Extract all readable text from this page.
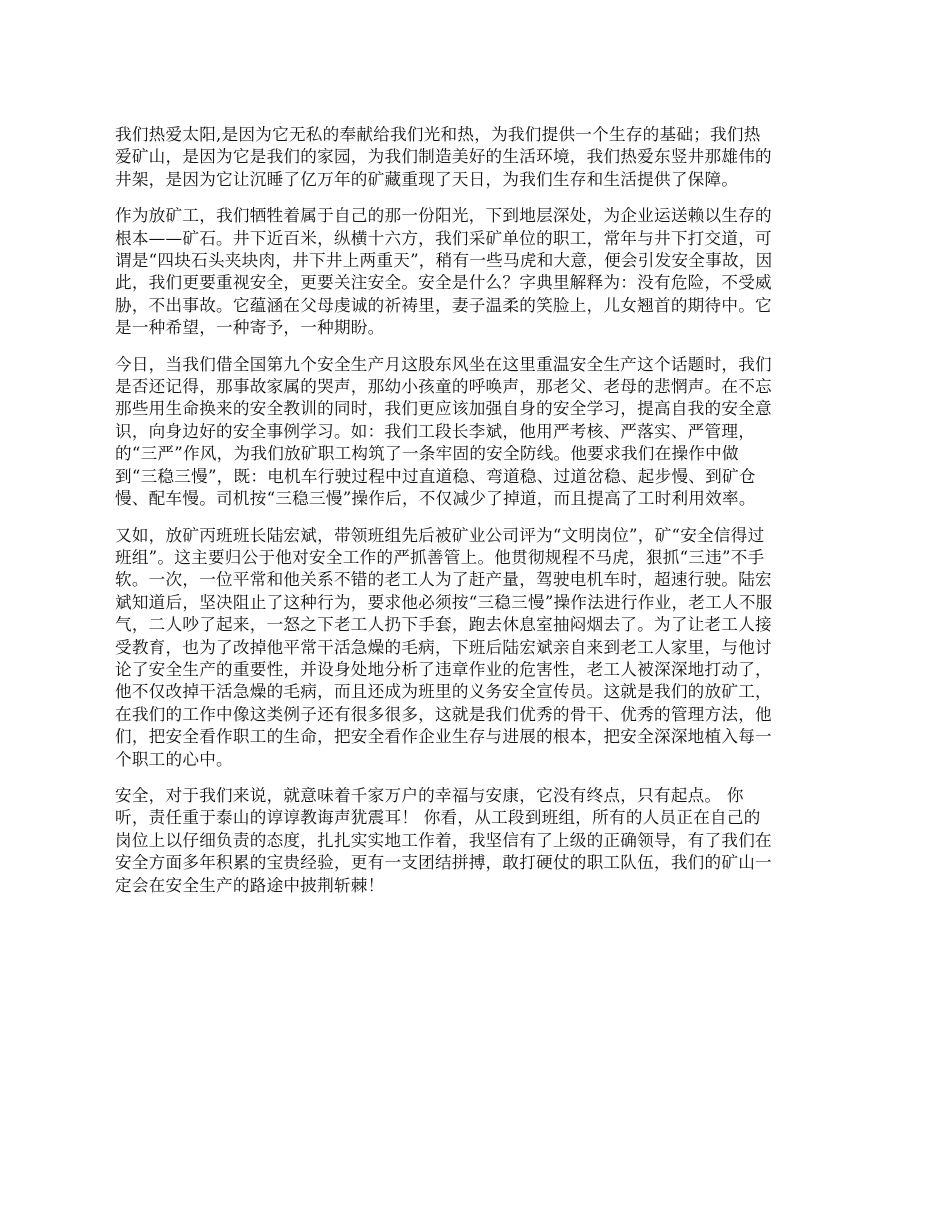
我们热爱太阳,是因为它无私的奉献给我们光和热，为我们提供一个生存的基础；我们热
爱矿山，是因为它是我们的家园，为我们制造美好的生活环境，我们热爱东竖井那雄伟的
井架，是因为它让沉睡了亿万年的矿藏重现了天日，为我们生存和生活提供了保障。

作为放矿工，我们牺牲着属于自己的那一份阳光，下到地层深处，为企业运送赖以生存的
根本——矿石。井下近百米，纵横十六方，我们采矿单位的职工，常年与井下打交道，可
谓是“四块石头夹块肉，井下井上两重天”，稍有一些马虎和大意，便会引发安全事故，因
此，我们更要重视安全，更要关注安全。安全是什么？字典里解释为：没有危险，不受威
胁，不出事故。它蕴涵在父母虔诚的祈祷里，妻子温柔的笑脸上，儿女翘首的期待中。它
是一种希望，一种寄予，一种期盼。

今日，当我们借全国第九个安全生产月这股东风坐在这里重温安全生产这个话题时，我们
是否还记得，那事故家属的哭声，那幼小孩童的呼唤声，那老父、老母的悲惘声。在不忘
那些用生命换来的安全教训的同时，我们更应该加强自身的安全学习，提高自我的安全意
识，向身边好的安全事例学习。如：我们工段长李斌，他用严考核、严落实、严管理，
的“三严”作风，为我们放矿职工构筑了一条牢固的安全防线。他要求我们在操作中做
到“三稳三慢”，既：电机车行驶过程中过直道稳、弯道稳、过道岔稳、起步慢、到矿仓
慢、配车慢。司机按“三稳三慢”操作后，不仅减少了掉道，而且提高了工时利用效率。

又如，放矿丙班班长陆宏斌，带领班组先后被矿业公司评为“文明岗位”，矿“安全信得过
班组”。这主要归公于他对安全工作的严抓善管上。他贯彻规程不马虎，狠抓“三违”不手
软。一次，一位平常和他关系不错的老工人为了赶产量，驾驶电机车时，超速行驶。陆宏
斌知道后，坚决阻止了这种行为，要求他必须按“三稳三慢”操作法进行作业，老工人不服
气，二人吵了起来，一怒之下老工人扔下手套，跑去休息室抽闷烟去了。为了让老工人接
受教育，也为了改掉他平常干活急燥的毛病，下班后陆宏斌亲自来到老工人家里，与他讨
论了安全生产的重要性，并设身处地分析了违章作业的危害性，老工人被深深地打动了，
他不仅改掉干活急燥的毛病，而且还成为班里的义务安全宣传员。这就是我们的放矿工，
在我们的工作中像这类例子还有很多很多，这就是我们优秀的骨干、优秀的管理方法，他
们，把安全看作职工的生命，把安全看作企业生存与进展的根本，把安全深深地植入每一
个职工的心中。

安全，对于我们来说，就意味着千家万户的幸福与安康，它没有终点，只有起点。 你
听，责任重于泰山的谆谆教诲声犹震耳！ 你看，从工段到班组，所有的人员正在自己的
岗位上以仔细负责的态度，扎扎实实地工作着，我坚信有了上级的正确领导，有了我们在
安全方面多年积累的宝贵经验，更有一支团结拼搏，敢打硬仗的职工队伍，我们的矿山一
定会在安全生产的路途中披荆斩棘！
